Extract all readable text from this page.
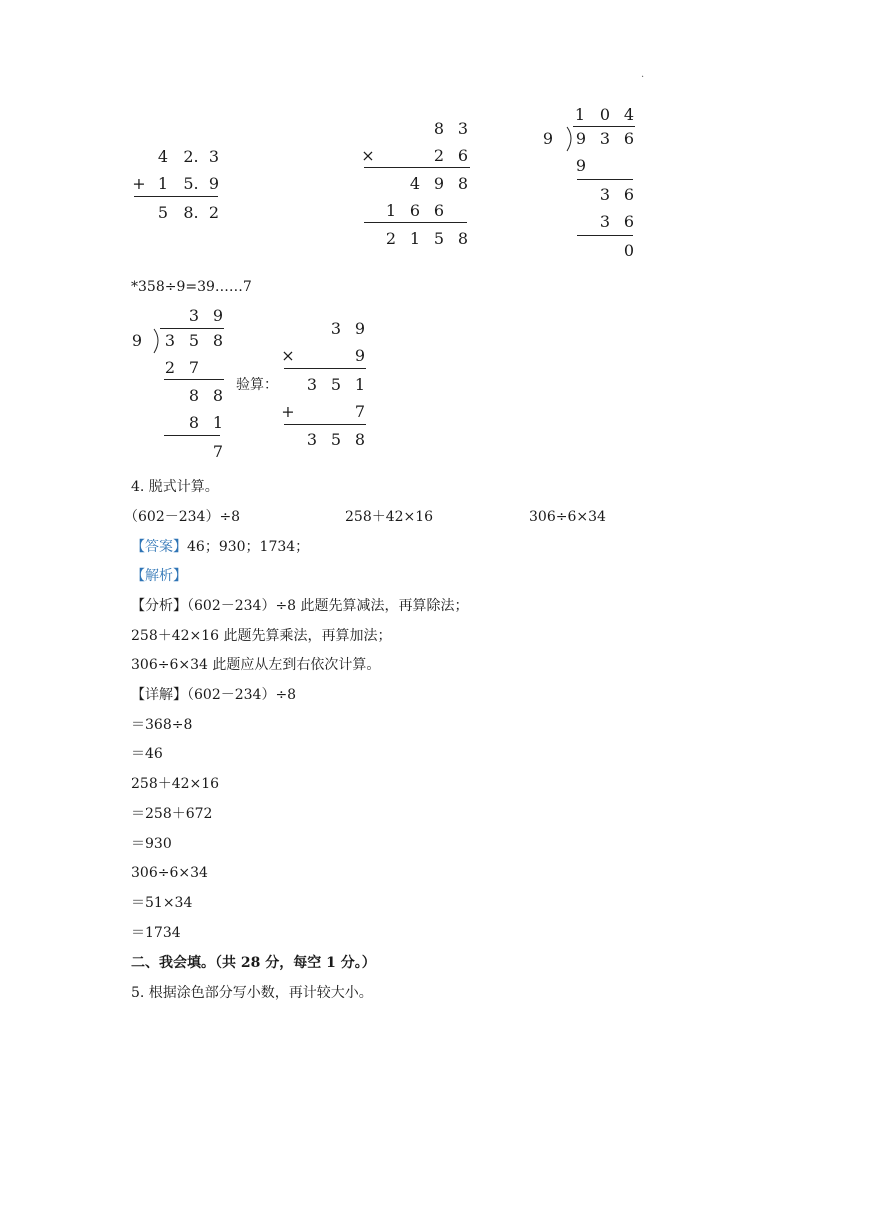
·
4 2. 3
+ 1 5. 9
5 8. 2
8 3
×	2 6
4 9 8
1 6 6
2 1 5 8
1 0 4
9 9 3 6
9
3 6
3 6
0
*358÷9=39……7
3 9
9 3 5 8
2 7
8 8
8 1
7
验算：
3 9
×	9
3 5 1
+	7
3 5 8
4. 脱式计算。
（602－234）÷8	258＋42×16	306÷6×34
【答案】46；930；1734；
【解析】
【分析】（602－234）÷8 此题先算减法，再算除法；
258＋42×16 此题先算乘法，再算加法；
306÷6×34 此题应从左到右依次计算。
【详解】（602－234）÷8
＝368÷8
＝46
258＋42×16
＝258＋672
＝930
306÷6×34
＝51×34
＝1734
二、我会填。（共 28 分，每空 1 分。）
5. 根据涂色部分写小数，再计较大小。
